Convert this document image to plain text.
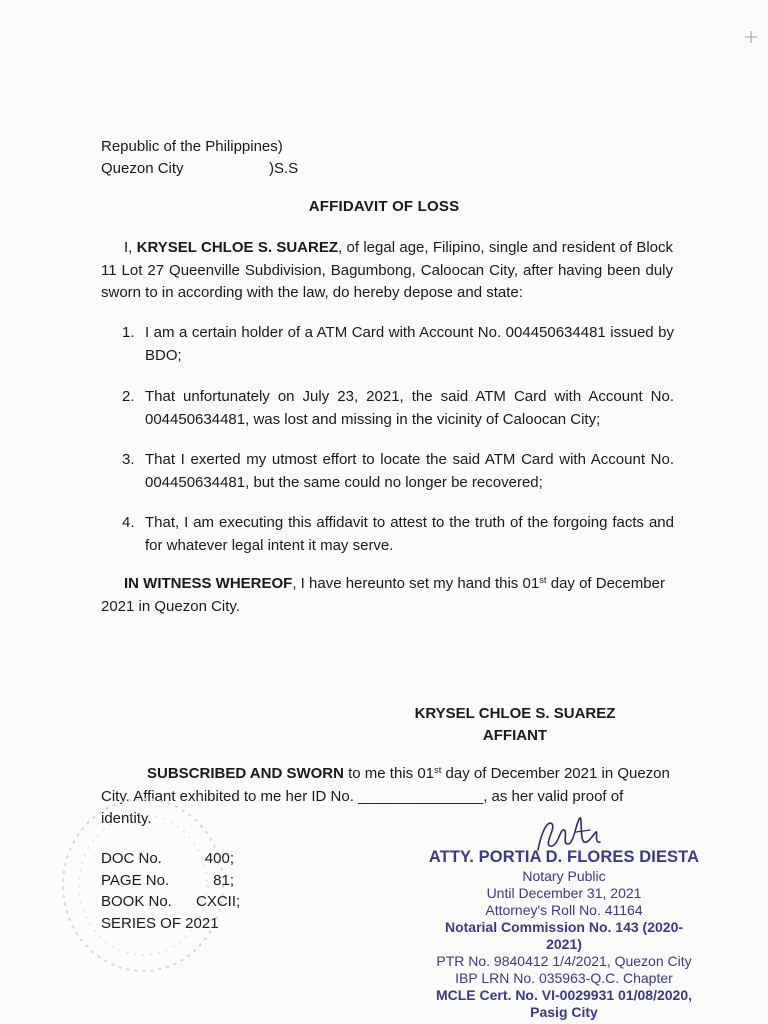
Republic of the Philippines)
Quezon City	)S.S
AFFIDAVIT OF LOSS
I, KRYSEL CHLOE S. SUAREZ, of legal age, Filipino, single and resident of Block 11 Lot 27 Queenville Subdivision, Bagumbong, Caloocan City, after having been duly sworn to in according with the law, do hereby depose and state:
1. I am a certain holder of a ATM Card with Account No. 004450634481 issued by BDO;
2. That unfortunately on July 23, 2021, the said ATM Card with Account No. 004450634481, was lost and missing in the vicinity of Caloocan City;
3. That I exerted my utmost effort to locate the said ATM Card with Account No. 004450634481, but the same could no longer be recovered;
4. That, I am executing this affidavit to attest to the truth of the forgoing facts and for whatever legal intent it may serve.
IN WITNESS WHEREOF, I have hereunto set my hand this 01st day of December 2021 in Quezon City.
KRYSEL CHLOE S. SUAREZ
AFFIANT
SUBSCRIBED AND SWORN to me this 01st day of December 2021 in Quezon City. Affiant exhibited to me her ID No. _______________, as her valid proof of identity.
DOC No.	400;
PAGE No.	81;
BOOK No.	CXCII;
SERIES OF 2021
ATTY. PORTIA D. FLORES DIESTA
Notary Public
Until December 31, 2021
Attorney's Roll No. 41164
Notarial Commission No. 143 (2020-2021)
PTR No. 9840412 1/4/2021, Quezon City
IBP LRN No. 035963-Q.C. Chapter
MCLE Cert. No. VI-0029931 01/08/2020, Pasig City
